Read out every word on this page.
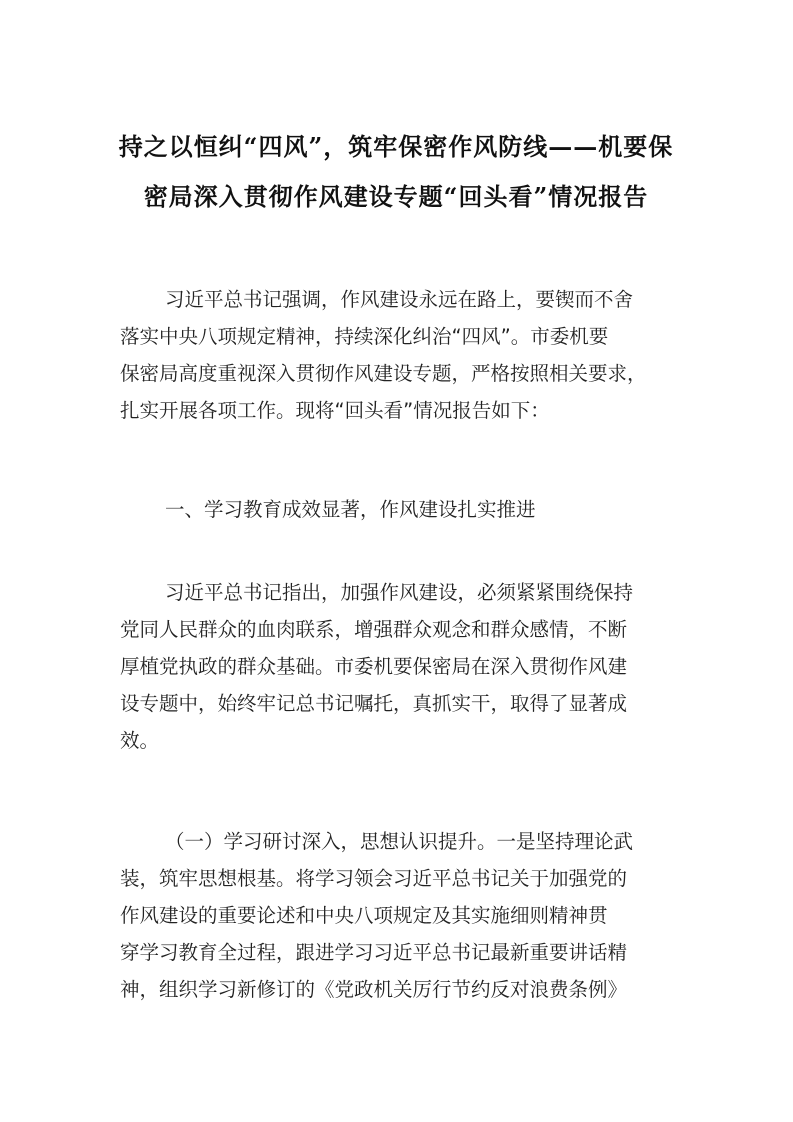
持之以恒纠“四风”，筑牢保密作风防线——机要保
密局深入贯彻作风建设专题“回头看”情况报告

习近平总书记强调，作风建设永远在路上，要锲而不舍
落实中央八项规定精神，持续深化纠治“四风”。市委机要
保密局高度重视深入贯彻作风建设专题，严格按照相关要求，
扎实开展各项工作。现将“回头看”情况报告如下：

一、学习教育成效显著，作风建设扎实推进

习近平总书记指出，加强作风建设，必须紧紧围绕保持
党同人民群众的血肉联系，增强群众观念和群众感情，不断
厚植党执政的群众基础。市委机要保密局在深入贯彻作风建
设专题中，始终牢记总书记嘱托，真抓实干，取得了显著成
效。

（一）学习研讨深入，思想认识提升。一是坚持理论武
装，筑牢思想根基。将学习领会习近平总书记关于加强党的
作风建设的重要论述和中央八项规定及其实施细则精神贯
穿学习教育全过程，跟进学习习近平总书记最新重要讲话精
神，组织学习新修订的《党政机关厉行节约反对浪费条例》
